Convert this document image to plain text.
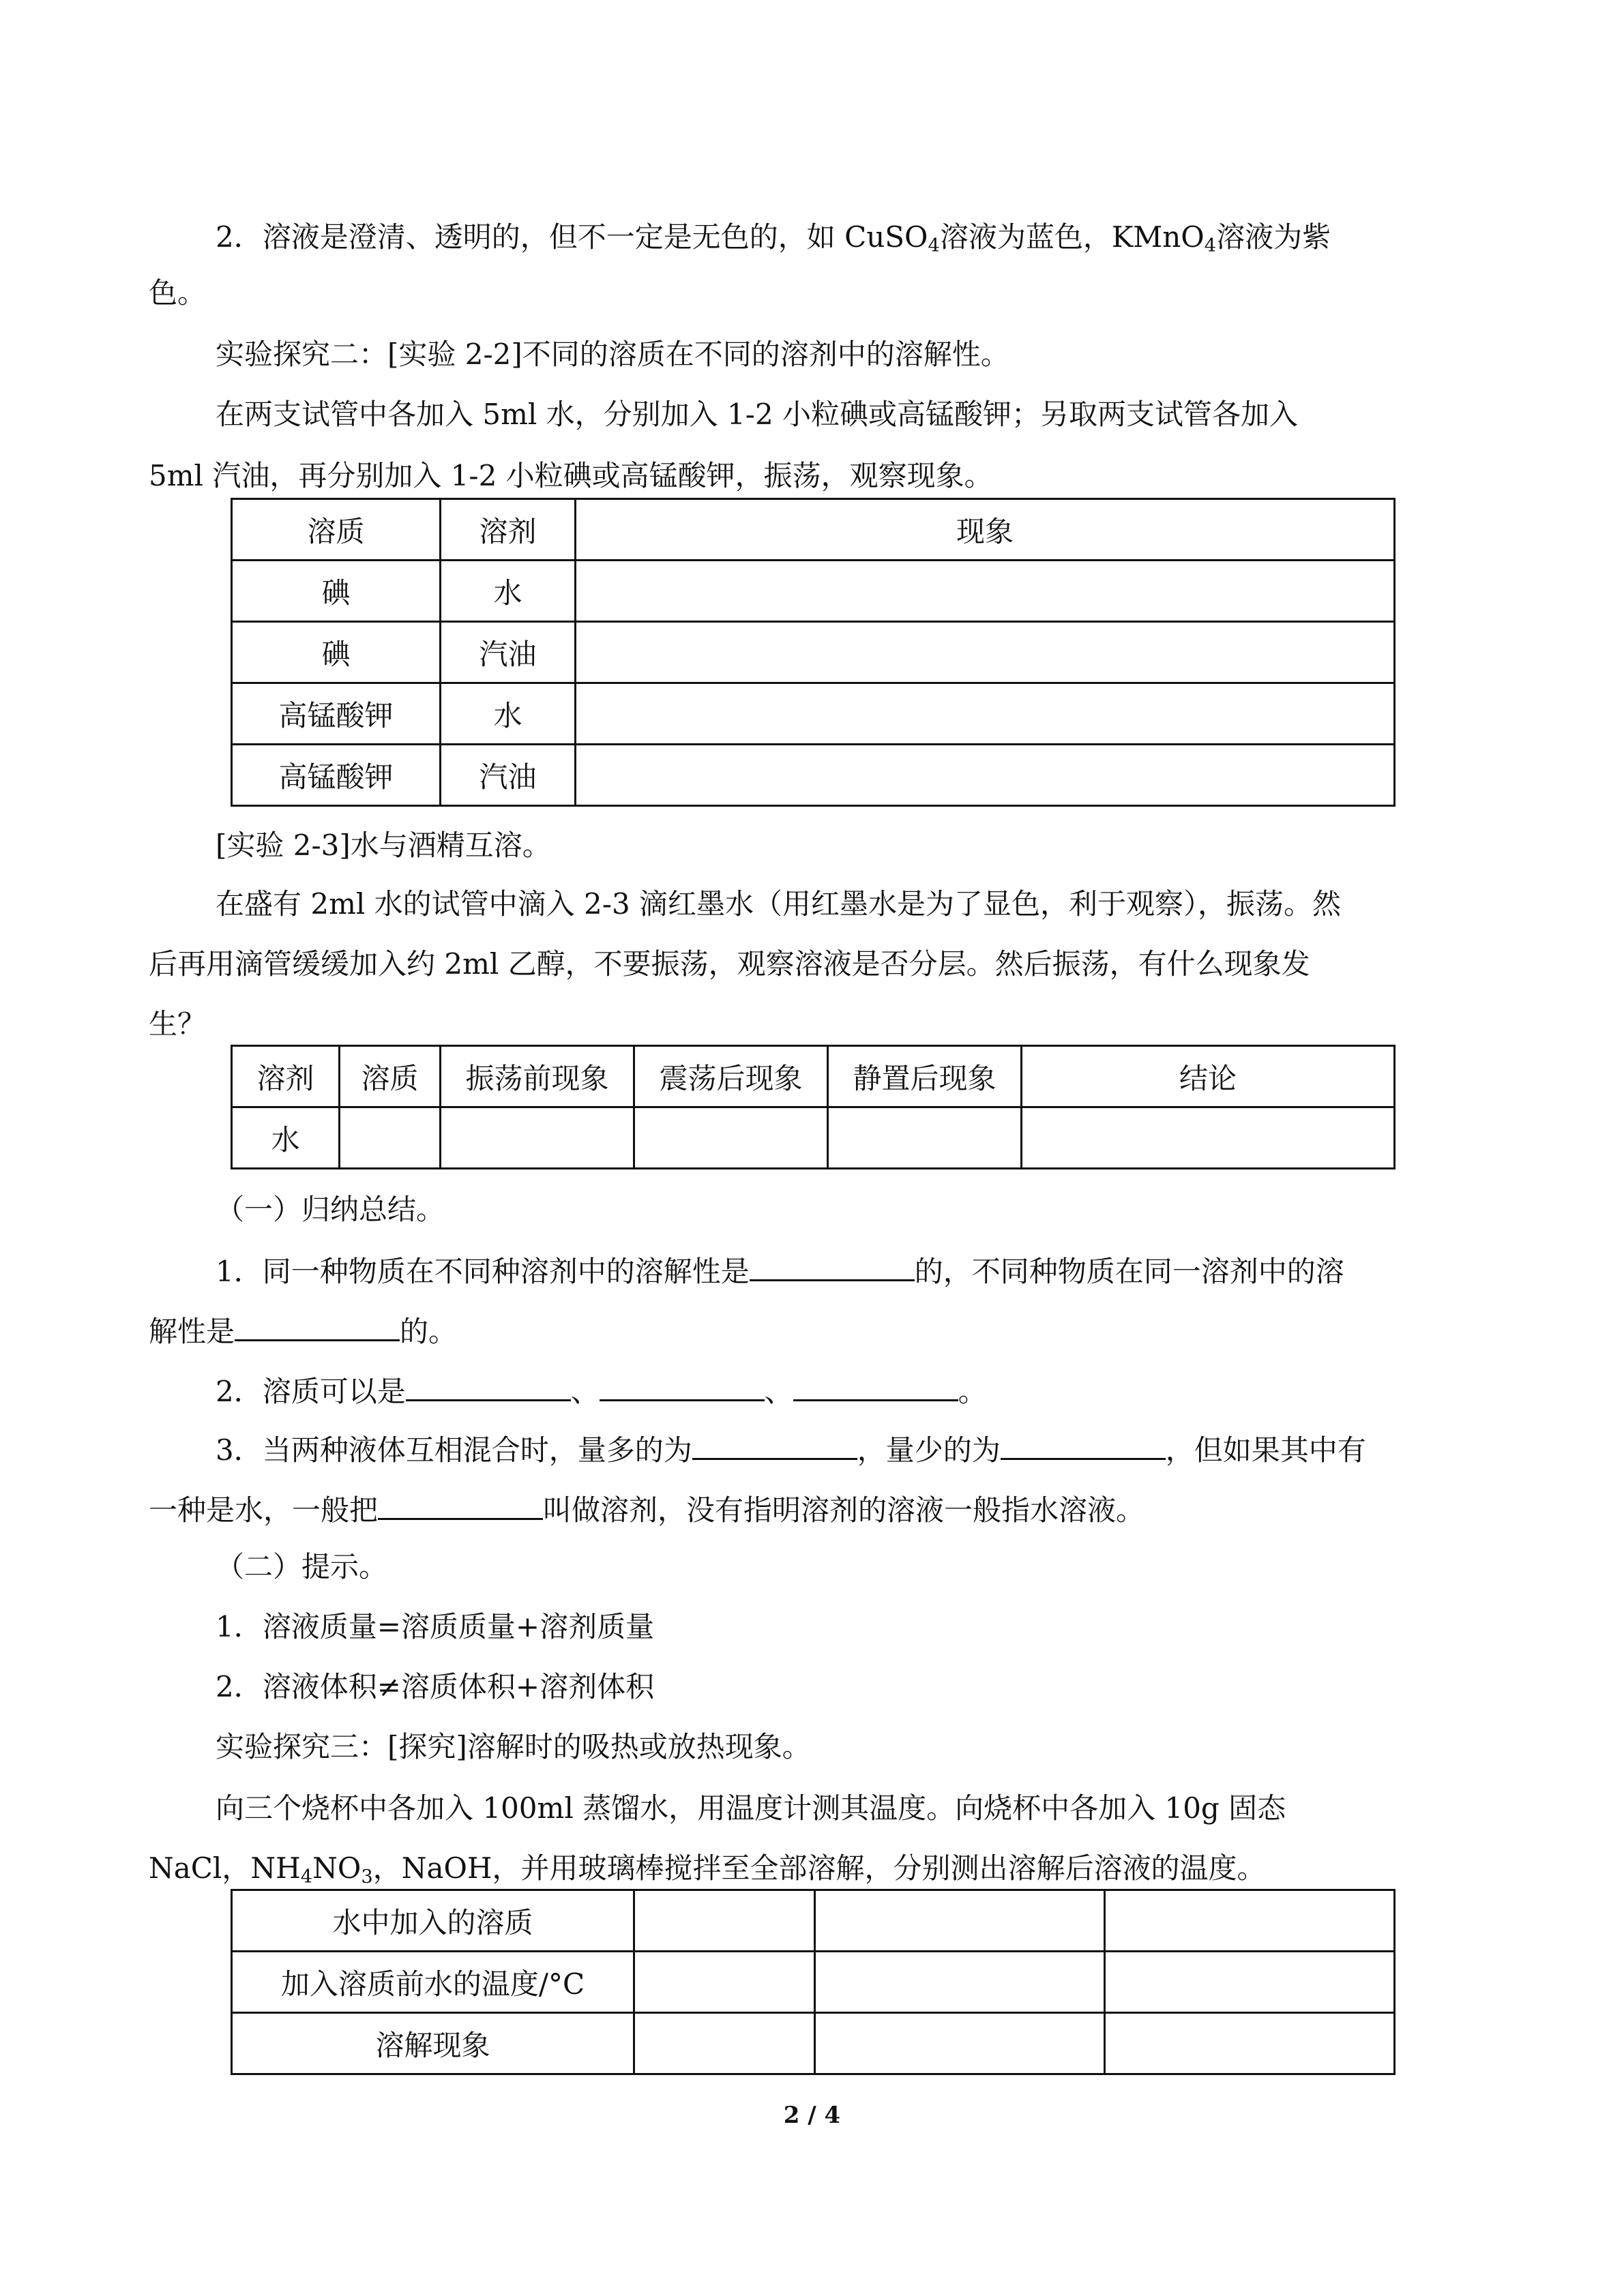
2．溶液是澄清、透明的，但不一定是无色的，如 CuSO$_4$溶液为蓝色，KMnO$_4$溶液为紫
色。
实验探究二：[实验 2-2]不同的溶质在不同的溶剂中的溶解性。
在两支试管中各加入 5ml 水，分别加入 1-2 小粒碘或高锰酸钾；另取两支试管各加入
5ml 汽油，再分别加入 1-2 小粒碘或高锰酸钾，振荡，观察现象。
溶质	溶剂	现象
碘	水	
碘	汽油	
高锰酸钾	水	
高锰酸钾	汽油	
[实验 2-3]水与酒精互溶。
在盛有 2ml 水的试管中滴入 2-3 滴红墨水（用红墨水是为了显色，利于观察），振荡。然
后再用滴管缓缓加入约 2ml 乙醇，不要振荡，观察溶液是否分层。然后振荡，有什么现象发
生？
溶剂	溶质	振荡前现象	震荡后现象	静置后现象	结论
水					
（一）归纳总结。
1．同一种物质在不同种溶剂中的溶解性是	的，不同种物质在同一溶剂中的溶
解性是	的。
2．溶质可以是	、	、	。
3．当两种液体互相混合时，量多的为	，量少的为	，但如果其中有
一种是水，一般把	叫做溶剂，没有指明溶剂的溶液一般指水溶液。
（二）提示。
1．溶液质量=溶质质量+溶剂质量
2．溶液体积≠溶质体积+溶剂体积
实验探究三：[探究]溶解时的吸热或放热现象。
向三个烧杯中各加入 100ml 蒸馏水，用温度计测其温度。向烧杯中各加入 10g 固态
NaCl，$NH_4NO_3$，NaOH，并用玻璃棒搅拌至全部溶解，分别测出溶解后溶液的温度。
水中加入的溶质			
加入溶质前水的温度/°C			
溶解现象			
2 / 4
